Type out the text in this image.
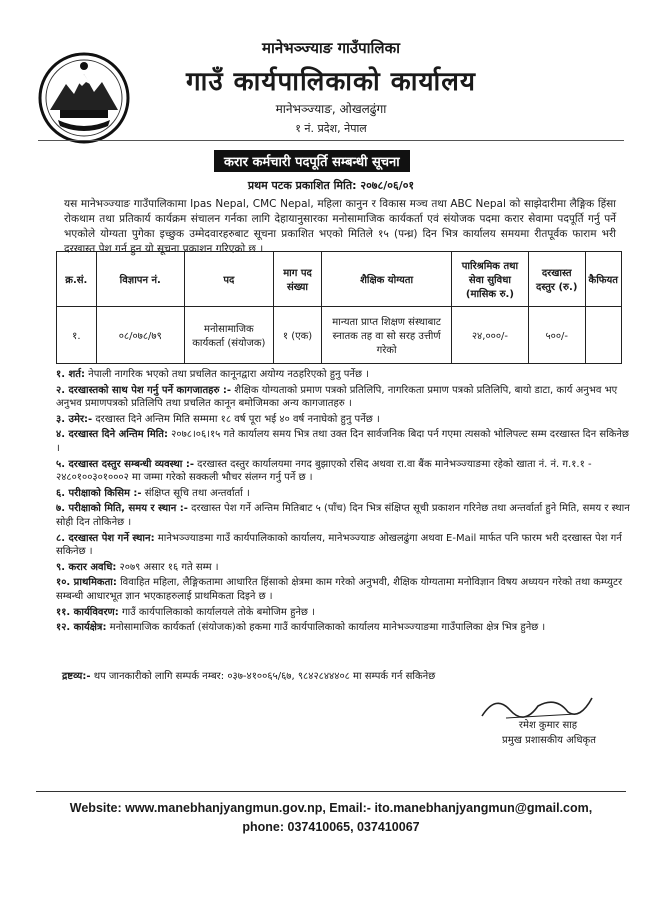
मानेभञ्ज्याङ गाउँपालिका
गाउँ कार्यपालिकाको कार्यालय
मानेभञ्ज्याङ, ओखलढुंगा
१ नं. प्रदेश, नेपाल
करार कर्मचारी पदपूर्ति सम्बन्धी सूचना
प्रथम पटक प्रकाशित मिति: २०७८/०६/०१
यस मानेभञ्ज्याङ गाउँपालिकामा Ipas Nepal, CMC Nepal, महिला कानुन र विकास मञ्च तथा ABC Nepal को साझेदारीमा लैङ्गिक हिंसा रोकथाम तथा प्रतिकार्य कार्यक्रम संचालन गर्नका लागि देहायानुसारका मनोसामाजिक कार्यकर्ता एवं संयोजक पदमा करार सेवामा पदपूर्ति गर्नु पर्ने भएकोले योग्यता पुगेका इच्छुक उम्मेदवारहरुबाट सूचना प्रकाशित भएको मितिले १५ (पन्ध्र) दिन भित्र कार्यालय समयमा रीतपूर्वक फाराम भरी दरखास्त पेश गर्न हुन यो सूचना प्रकाशन गरिएको छ ।
क्र.सं.	विज्ञापन नं.	पद	माग पद संख्या	शैक्षिक योग्यता	पारिश्रमिक तथा सेवा सुविधा (मासिक रु.)	दरखास्त दस्तुर (रु.)	कैफियत
१.	०८/०७८/७९	मनोसामाजिक कार्यकर्ता (संयोजक)	१ (एक)	मान्यता प्राप्त शिक्षण संस्थाबाट स्नातक तह वा सो सरह उत्तीर्ण गरेको	२४,०००/-	५००/-	
१. शर्त: नेपाली नागरिक भएको तथा प्रचलित कानूनद्वारा अयोग्य नठहरिएको हुनु पर्नेछ ।
२. दरखास्तको साथ पेश गर्नु पर्ने कागजातहरु :- शैक्षिक योग्यताको प्रमाण पत्रको प्रतिलिपि, नागरिकता प्रमाण पत्रको प्रतिलिपि, बायो डाटा, कार्य अनुभव भए अनुभव प्रमाणपत्रको प्रतिलिपि तथा प्रचलित कानून बमोजिमका अन्य कागजातहरु ।
३. उमेर:- दरखास्त दिने अन्तिम मिति सम्ममा १८ वर्ष पूरा भई ४० वर्ष ननाघेको हुनु पर्नेछ ।
४. दरखास्त दिने अन्तिम मिति: २०७८।०६।१५ गते कार्यालय समय भित्र तथा उक्त दिन सार्वजनिक बिदा पर्न गएमा त्यसको भोलिपल्ट सम्म दरखास्त दिन सकिनेछ ।
५. दरखास्त दस्तुर सम्बन्धी व्यवस्था :- दरखास्त दस्तुर कार्यालयमा नगद बुझाएको रसिद अथवा रा.वा बैंक मानेभञ्ज्याङमा रहेको खाता नं. नं. ग.१.१ - २४८०१००३०१०००२ मा जम्मा गरेको सक्कली भौचर संलग्न गर्नु पर्ने छ ।
६. परीक्षाको किसिम :- संक्षिप्त सूचि तथा अन्तर्वार्ता ।
७. परीक्षाको मिति, समय र स्थान :- दरखास्त पेश गर्ने अन्तिम मितिबाट ५ (पाँच) दिन भित्र संक्षिप्त सूची प्रकाशन गरिनेछ तथा अन्तर्वार्ता हुने मिति, समय र स्थान सोही दिन तोकिनेछ ।
८. दरखास्त पेश गर्ने स्थान: मानेभञ्ज्याङमा गाउँ कार्यपालिकाको कार्यालय, मानेभञ्ज्याङ ओखलढुंगा अथवा E-Mail मार्फत पनि फारम भरी दरखास्त पेश गर्न सकिनेछ ।
९. करार अवधि: २०७९ असार १६ गते सम्म ।
१०. प्राथमिकता: विवाहित महिला, लैङ्गिकतामा आधारित हिंसाको क्षेत्रमा काम गरेको अनुभवी, शैक्षिक योग्यतामा मनोविज्ञान विषय अध्ययन गरेको तथा कम्प्युटर सम्बन्धी आधारभूत ज्ञान भएकाहरुलाई प्राथमिकता दिइने छ ।
११. कार्यविवरण: गाउँ कार्यपालिकाको कार्यालयले तोके बमोजिम हुनेछ ।
१२. कार्यक्षेत्र: मनोसामाजिक कार्यकर्ता (संयोजक)को हकमा गाउँ कार्यपालिकाको कार्यालय मानेभञ्ज्याङमा गाउँपालिका क्षेत्र भित्र हुनेछ ।
द्रष्टव्य:- थप जानकारीको लागि सम्पर्क नम्बर: ०३७-४१००६५/६७, ९८४२८४४४०८ मा सम्पर्क गर्न सकिनेछ
रमेश कुमार साह
प्रमुख प्रशासकीय अधिकृत
Website: www.manebhanjyangmun.gov.np, Email:- ito.manebhanjyangmun@gmail.com,
phone: 037410065, 037410067
